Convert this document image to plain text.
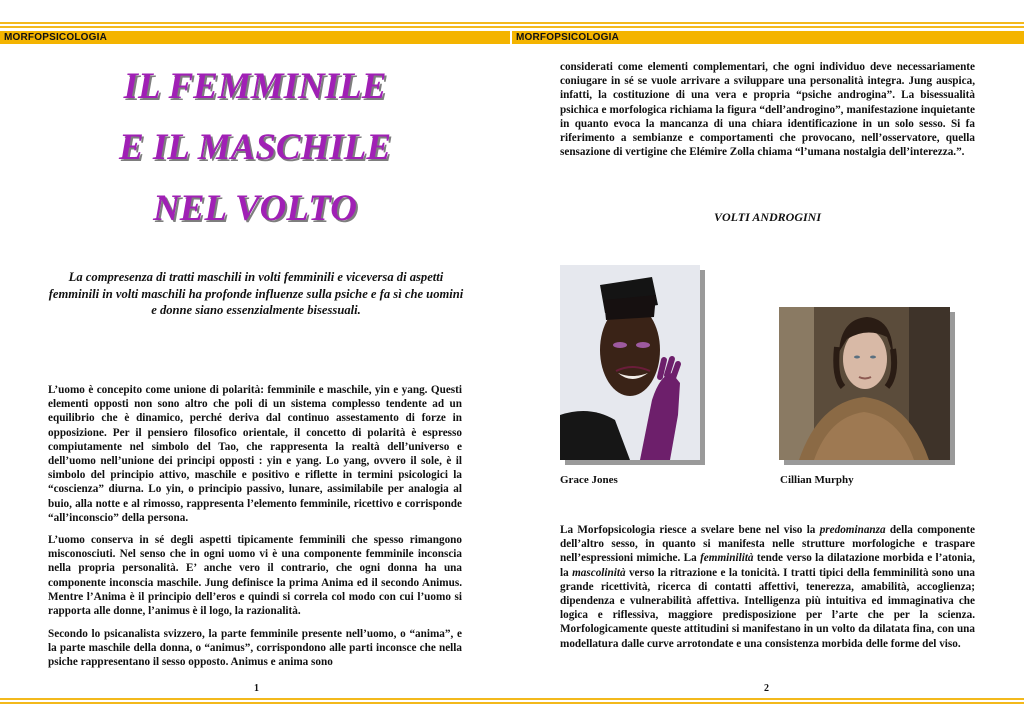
MORFOPSICOLOGIA	MORFOPSICOLOGIA
IL FEMMINILE
E IL MASCHILE
NEL VOLTO
La compresenza di tratti maschili in volti femminili e viceversa di aspetti femminili in volti maschili ha profonde influenze sulla psiche e fa sì che uomini e donne siano essenzialmente bisessuali.

L’uomo è concepito come unione di polarità: femminile e maschile, yin e yang. Questi elementi opposti non sono altro che poli di un sistema complesso tendente ad un equilibrio che è dinamico, perché deriva dal continuo assestamento di forze in opposizione. Per il pensiero filosofico orientale, il concetto di polarità è espresso compiutamente nel simbolo del Tao, che rappresenta la realtà dell’universo e dell’uomo nell’unione dei principi opposti : yin e yang. Lo yang, ovvero il sole, è il simbolo del principio attivo, maschile e positivo e riflette in termini psicologici la “coscienza” diurna. Lo yin, o principio passivo, lunare, assimilabile per analogia al buio, alla notte e al rimosso, rappresenta l’elemento femminile, ricettivo e corrisponde “all’inconscio” della persona.

L’uomo conserva in sé degli aspetti tipicamente femminili che spesso rimangono misconosciuti. Nel senso che in ogni uomo vi è una componente femminile inconscia nella propria personalità. E’ anche vero il contrario, che ogni donna ha una componente inconscia maschile. Jung definisce la prima Anima ed il secondo Animus. Mentre l’Anima è il principio dell’eros e quindi si correla col modo con cui l’uomo si rapporta alle donne, l’animus è il logo, la razionalità.

Secondo lo psicanalista svizzero, la parte femminile presente nell’uomo, o “anima”, e la parte maschile della donna, o “animus”, corrispondono alle parti inconsce che nella psiche rappresentano il sesso opposto. Animus e anima sono

considerati come elementi complementari, che ogni individuo deve necessariamente coniugare in sé se vuole arrivare a sviluppare una personalità integra. Jung auspica, infatti, la costituzione di una vera e propria “psiche androgina”. La bisessualità psichica e morfologica richiama la figura “dell’androgino”, manifestazione inquietante in quanto evoca la mancanza di una chiara identificazione in un solo sesso. Si fa riferimento a sembianze e comportamenti che provocano, nell’osservatore, quella sensazione di vertigine che Elémire Zolla chiama “l’umana nostalgia dell’interezza.”.

VOLTI ANDROGINI
Grace Jones	Cillian Murphy

La Morfopsicologia riesce a svelare bene nel viso la predominanza della componente dell’altro sesso, in quanto si manifesta nelle strutture morfologiche e traspare nell’espressioni mimiche. La femminilità tende verso la dilatazione morbida e l’atonia, la mascolinità verso la ritrazione e la tonicità. I tratti tipici della femminilità sono una grande ricettività, ricerca di contatti affettivi, tenerezza, amabilità, accoglienza; dipendenza e vulnerabilità affettiva. Intelligenza più intuitiva ed immaginativa che logica e riflessiva, maggiore predisposizione per l’arte che per la scienza. Morfologicamente queste attitudini si manifestano in un volto da dilatata fina, con una modellatura dalle curve arrotondate e una consistenza morbida delle forme del viso.

1	2
